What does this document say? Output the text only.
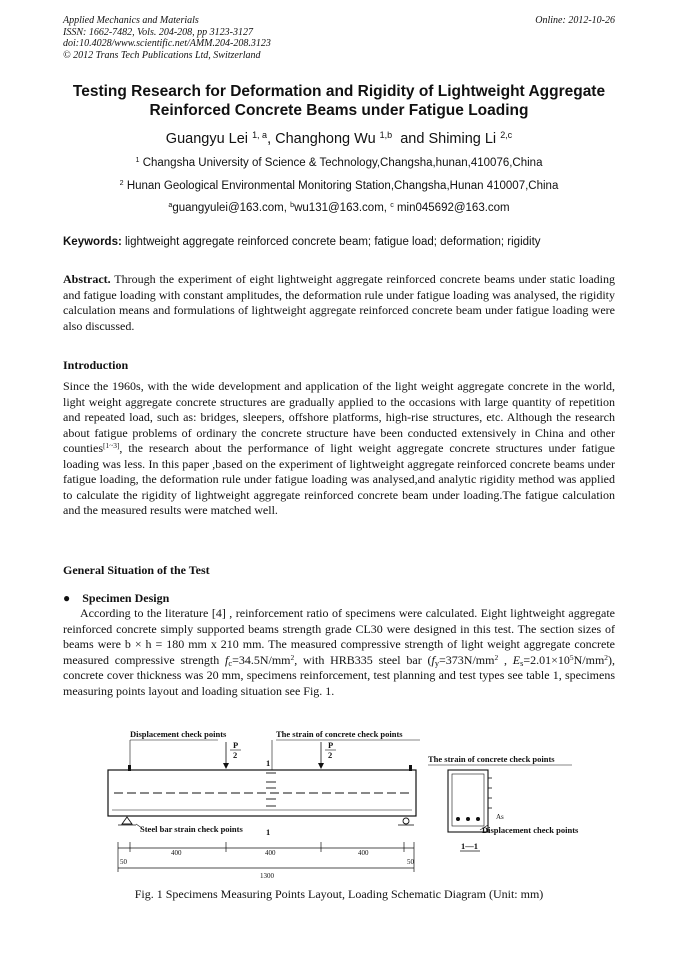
Applied Mechanics and Materials
ISSN: 1662-7482, Vols. 204-208, pp 3123-3127
doi:10.4028/www.scientific.net/AMM.204-208.3123
© 2012 Trans Tech Publications Ltd, Switzerland
Online: 2012-10-26
Testing Research for Deformation and Rigidity of Lightweight Aggregate Reinforced Concrete Beams under Fatigue Loading
Guangyu Lei $^{1, a}$, Changhong Wu $^{1,b}$  and Shiming Li $^{2,c}$
$^1$ Changsha University of Science & Technology,Changsha,hunan,410076,China
$^2$ Hunan Geological Environmental Monitoring Station,Changsha,Hunan 410007,China
$^a$guangyulei@163.com, $^b$wu131@163.com, $^c$ min045692@163.com
Keywords: lightweight aggregate reinforced concrete beam; fatigue load; deformation; rigidity
Abstract. Through the experiment of eight lightweight aggregate reinforced concrete beams under static loading and fatigue loading with constant amplitudes, the deformation rule under fatigue loading was analysed, the rigidity calculation means and formulations of lightweight aggregate reinforced concrete beam under fatigue loading were also discussed.
Introduction
Since the 1960s, with the wide development and application of the light weight aggregate concrete in the world, light weight aggregate concrete structures are gradually applied to the occasions with large quantity of repetition and repeated load, such as: bridges, sleepers, offshore platforms, high-rise structures, etc. Although the research about fatigue problems of ordinary the concrete structure have been conducted extensively in China and other counties[1~3], the research about the performance of light weight aggregate concrete structures under fatigue loading was less. In this paper ,based on the experiment of lightweight aggregate reinforced concrete beams under fatigue loading, the deformation rule under fatigue loading was analysed,and analytic rigidity method was applied to calculate the rigidity of lightweight aggregate reinforced concrete beam under loading.The fatigue calculation and the measured results were matched well.
General Situation of the Test
● Specimen Design
According to the literature [4] , reinforcement ratio of specimens were calculated. Eight lightweight aggregate reinforced concrete simply supported beams strength grade CL30 were designed in this test. The section sizes of beams were b × h = 180 mm x 210 mm. The measured compressive strength of light weight aggregate concrete measured compressive strength $f_c=34.5N/mm^2$, with HRB335 steel bar ($f_y=373N/mm^2$ , $E_s=2.01\times 10^5N/mm^2$), concrete cover thickness was 20 mm, specimens reinforcement, test planning and test types see table 1, specimens measuring points layout and loading situation see Fig. 1.
Displacement check points	The strain of concrete check points
P
2
P
2
1
1
Steel bar strain check points
50
400	400	400
50
1300
The strain of concrete check points
As
Displacement check points
1—1
Fig. 1 Specimens Measuring Points Layout, Loading Schematic Diagram (Unit: mm)
